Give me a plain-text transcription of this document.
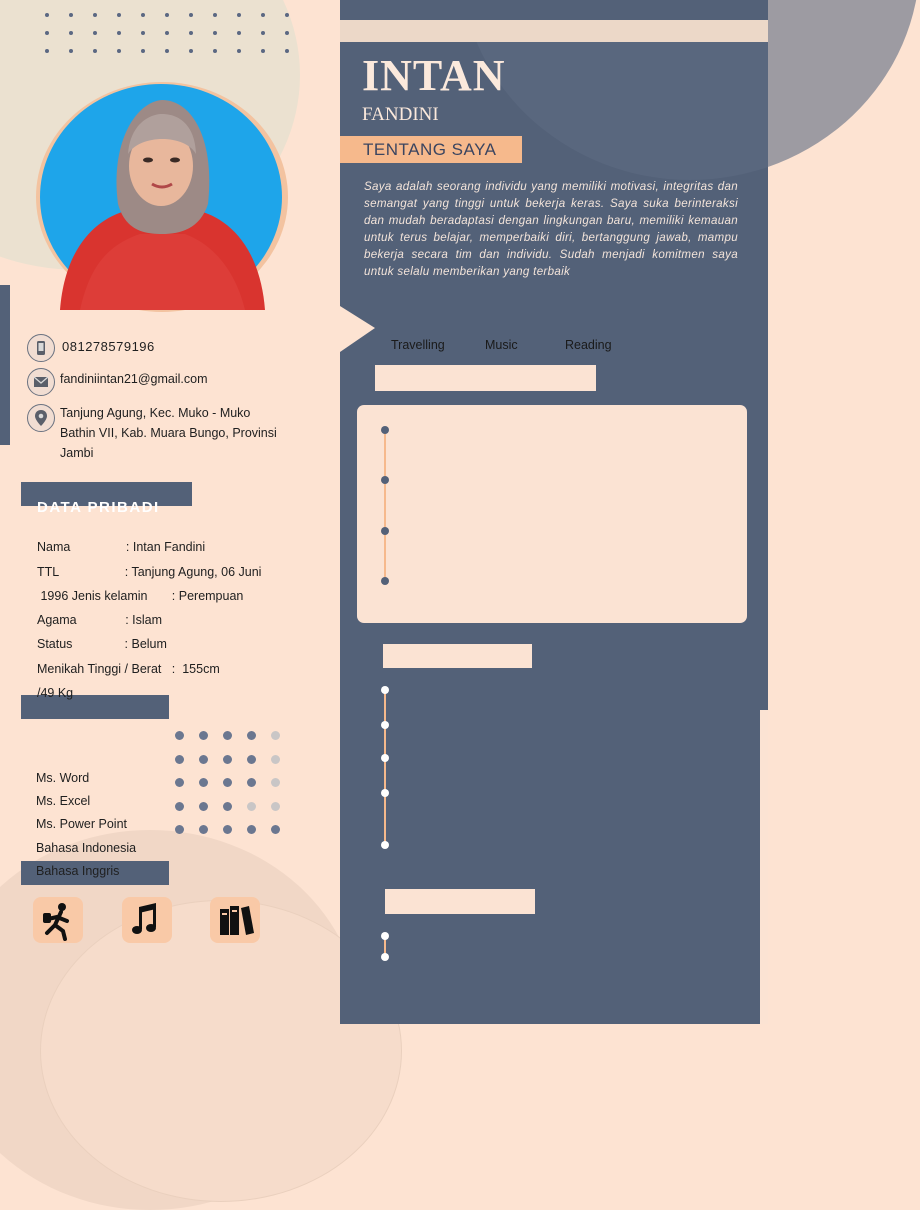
081278579196
fandiniintan21@gmail.com
Tanjung Agung, Kec. Muko - Muko
Bathin VII, Kab. Muara Bungo, Provinsi
Jambi
DATA PRIBADI
Nama                : Intan Fandini
TTL                   : Tanjung Agung, 06 Juni
1996 Jenis kelamin       : Perempuan
Agama              : Islam
Status               : Belum
Menikah Tinggi / Berat   :  155cm
/49 Kg
Ms. Word
Ms. Excel
Ms. Power Point
Bahasa Indonesia
Bahasa Inggris
INTAN
FANDINI
TENTANG SAYA
Saya adalah seorang individu yang memiliki motivasi, integritas dan semangat yang tinggi untuk bekerja keras. Saya suka berinteraksi dan mudah beradaptasi dengan lingkungan baru, memiliki kemauan untuk terus belajar, memperbaiki diri, bertanggung jawab, mampu bekerja secara tim dan individu. Sudah menjadi komitmen saya untuk selalu memberikan yang terbaik
Travelling	Music	Reading
